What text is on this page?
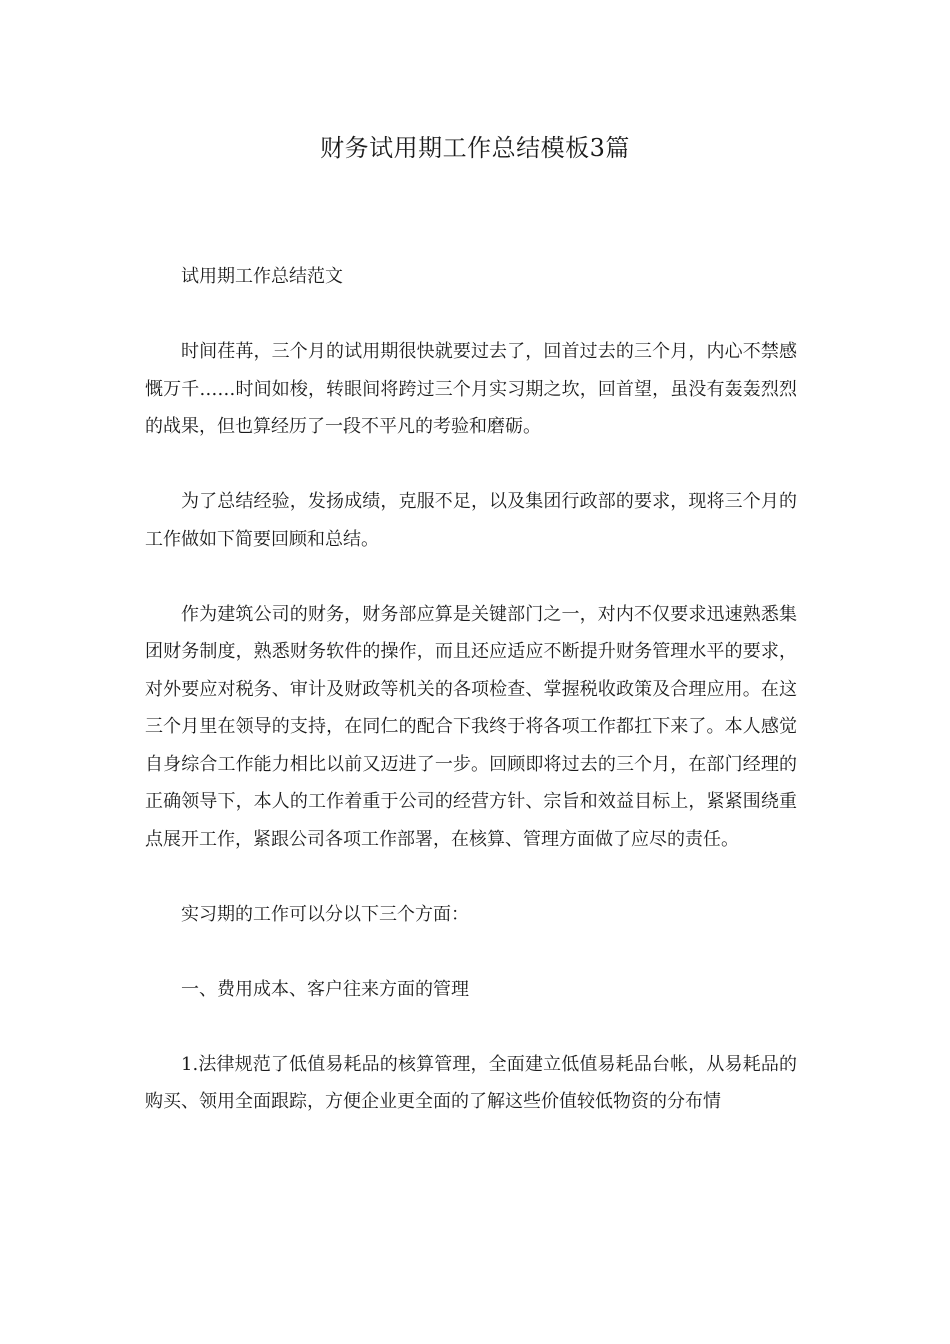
财务试用期工作总结模板3篇

试用期工作总结范文

时间荏苒，三个月的试用期很快就要过去了，回首过去的三个月，内心不禁感慨万千……时间如梭，转眼间将跨过三个月实习期之坎，回首望，虽没有轰轰烈烈的战果，但也算经历了一段不平凡的考验和磨砺。

为了总结经验，发扬成绩，克服不足，以及集团行政部的要求，现将三个月的工作做如下简要回顾和总结。

作为建筑公司的财务，财务部应算是关键部门之一，对内不仅要求迅速熟悉集团财务制度，熟悉财务软件的操作，而且还应适应不断提升财务管理水平的要求，对外要应对税务、审计及财政等机关的各项检查、掌握税收政策及合理应用。在这三个月里在领导的支持，在同仁的配合下我终于将各项工作都扛下来了。本人感觉自身综合工作能力相比以前又迈进了一步。回顾即将过去的三个月，在部门经理的正确领导下，本人的工作着重于公司的经营方针、宗旨和效益目标上，紧紧围绕重点展开工作，紧跟公司各项工作部署，在核算、管理方面做了应尽的责任。

实习期的工作可以分以下三个方面：

一、费用成本、客户往来方面的管理

1.法律规范了低值易耗品的核算管理，全面建立低值易耗品台帐，从易耗品的购买、领用全面跟踪，方便企业更全面的了解这些价值较低物资的分布情
